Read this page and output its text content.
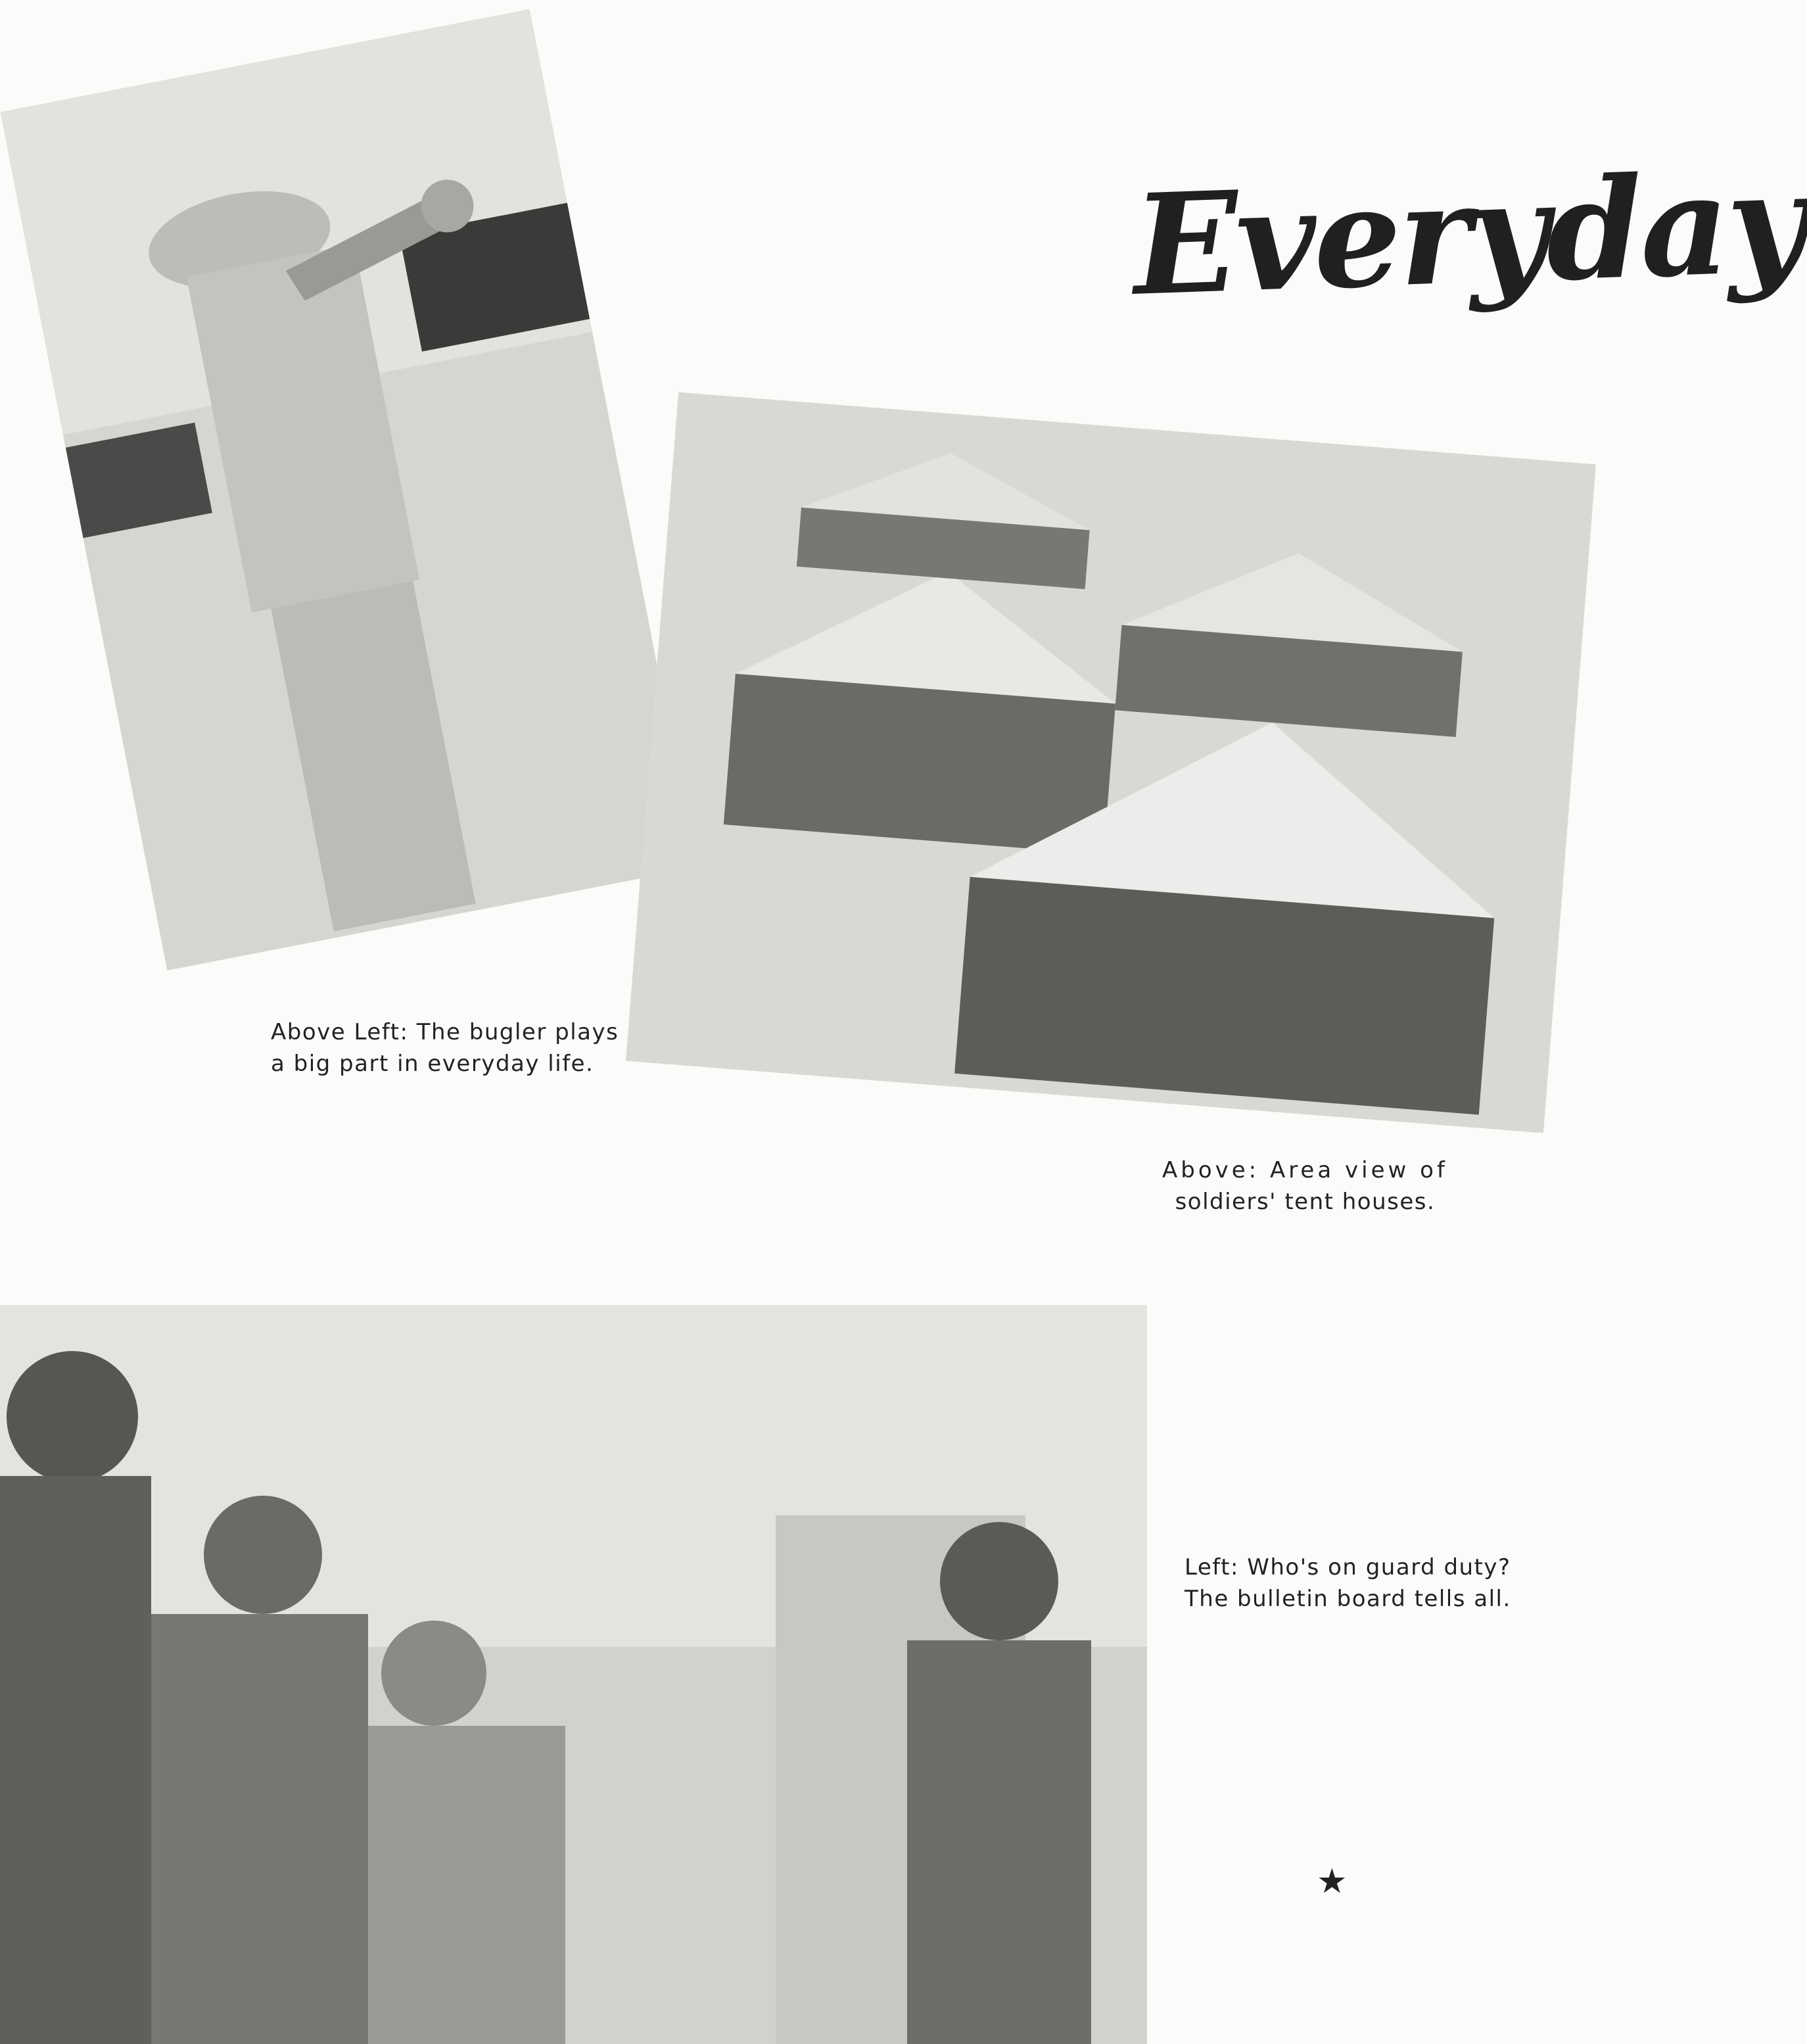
Everyday
Above Left: The bugler plays
a big part in everyday life.
Above: Area view of
soldiers' tent houses.
Left: Who's on guard duty?
The bulletin board tells all.
★
